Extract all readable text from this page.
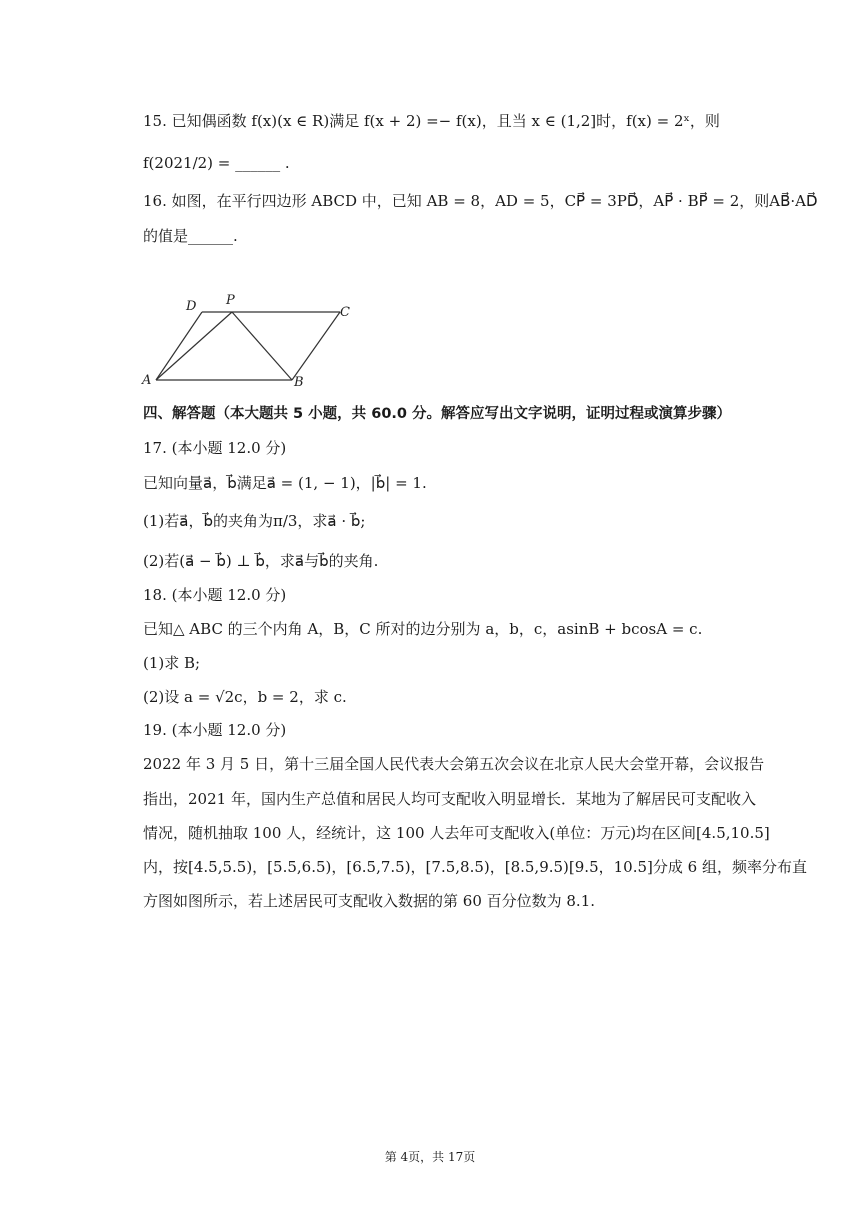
15. 已知偶函数 f(x)(x ∈ R)满足 f(x + 2) =− f(x)，且当 x ∈ (1,2]时，f(x) = 2ˣ，则
f(2021/2) = ______ .
16. 如图，在平行四边形 ABCD 中，已知 AB = 8，AD = 5，CP⃗ = 3PD⃗，AP⃗ · BP⃗ = 2，则AB⃗·AD⃗
的值是______.
A	B
C
D P
四、解答题（本大题共 5 小题，共 60.0 分。解答应写出文字说明，证明过程或演算步骤）
17. (本小题 12.0 分)
已知向量a⃗，b⃗满足a⃗ = (1, − 1)，|b⃗| = 1.
(1)若a⃗，b⃗的夹角为π/3，求a⃗ · b⃗;
(2)若(a⃗ − b⃗) ⊥ b⃗，求a⃗与b⃗的夹角.
18. (本小题 12.0 分)
已知△ ABC 的三个内角 A，B，C 所对的边分别为 a，b，c，asinB + bcosA = c.
(1)求 B;
(2)设 a = √2c，b = 2，求 c.
19. (本小题 12.0 分)
2022 年 3 月 5 日，第十三届全国人民代表大会第五次会议在北京人民大会堂开幕，会议报告
指出，2021 年，国内生产总值和居民人均可支配收入明显增长．某地为了解居民可支配收入
情况，随机抽取 100 人，经统计，这 100 人去年可支配收入(单位：万元)均在区间[4.5,10.5]
内，按[4.5,5.5)，[5.5,6.5)，[6.5,7.5)，[7.5,8.5)，[8.5,9.5)[9.5，10.5]分成 6 组，频率分布直
方图如图所示，若上述居民可支配收入数据的第 60 百分位数为 8.1.
第 4页，共 17页
